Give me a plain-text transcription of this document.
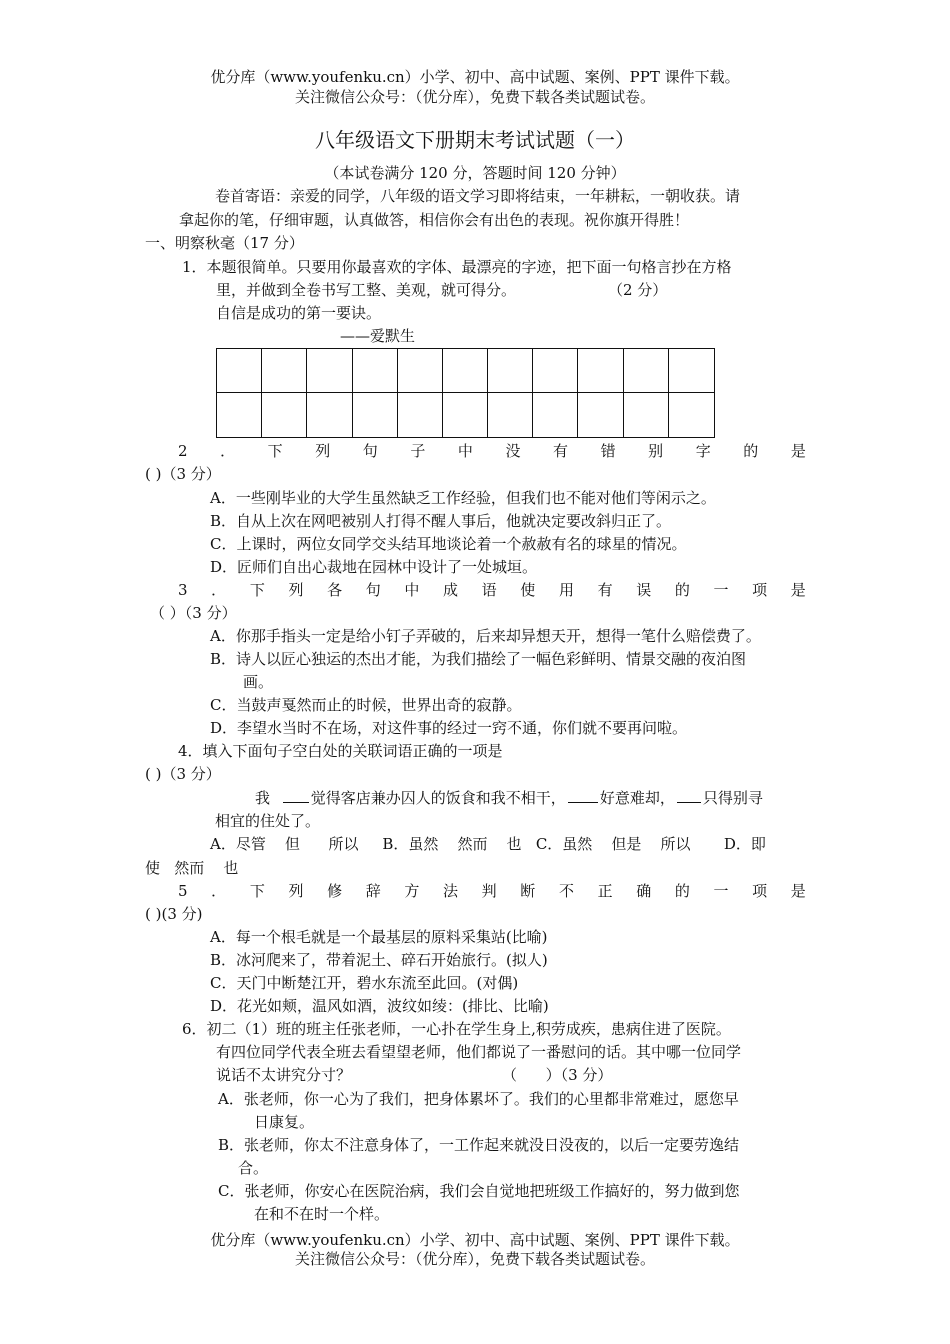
优分库（www.youfenku.cn）小学、初中、高中试题、案例、PPT 课件下载。
关注微信公众号：（优分库），免费下载各类试题试卷。
八年级语文下册期末考试试题（一）
（本试卷满分 120 分，答题时间 120 分钟）
卷首寄语：亲爱的同学，八年级的语文学习即将结束，一年耕耘，一朝收获。请
拿起你的笔，仔细审题，认真做答，相信你会有出色的表现。祝你旗开得胜！
一、明察秋毫（17 分）
1．本题很简单。只要用你最喜欢的字体、最漂亮的字迹，把下面一句格言抄在方格
里，并做到全卷书写工整、美观，就可得分。	（2 分）
自信是成功的第一要诀。
——爱默生
2 ． 下 列 句 子 中 没 有 错 别 字 的 是
( )（3 分）
A．一些刚毕业的大学生虽然缺乏工作经验，但我们也不能对他们等闲示之。
B．自从上次在网吧被别人打得不醒人事后，他就决定要改斜归正了。
C．上课时，两位女同学交头结耳地谈论着一个赦赦有名的球星的情况。
D．匠师们自出心裁地在园林中设计了一处城垣。
3 ． 下 列 各 句 中 成 语 使 用 有 误 的 一 项 是
（ ）（3 分）
A．你那手指头一定是给小钉子弄破的，后来却异想天开，想得一笔什么赔偿费了。
B．诗人以匠心独运的杰出才能，为我们描绘了一幅色彩鲜明、情景交融的夜泊图
画。
C．当鼓声戛然而止的时候，世界出奇的寂静。
D．李望水当时不在场，对这件事的经过一窍不通，你们就不要再问啦。
4．填入下面句子空白处的关联词语正确的一项是
( )（3 分）
我	觉得客店兼办囚人的饭食和我不相干， 好意难却， 只得别寻
相宜的住处了。
A．尽管    但      所以     B．虽然    然而    也   C．虽然    但是    所以       D．即
使   然而    也
5 ． 下 列 修 辞 方 法 判 断 不 正 确 的 一 项 是
( )(3 分)
A．每一个根毛就是一个最基层的原料采集站(比喻)
B．冰河爬来了，带着泥土、碎石开始旅行。(拟人)
C．天门中断楚江开，碧水东流至此回。(对偶)
D．花光如颊，温风如酒，波纹如绫：(排比、比喻)
6．初二（1）班的班主任张老师，一心扑在学生身上,积劳成疾，患病住进了医院。
有四位同学代表全班去看望望老师，他们都说了一番慰问的话。其中哪一位同学
说话不太讲究分寸？	（      ）（3 分）
A．张老师，你一心为了我们，把身体累坏了。我们的心里都非常难过，愿您早
日康复。
B．张老师，你太不注意身体了，一工作起来就没日没夜的，以后一定要劳逸结
合。
C．张老师，你安心在医院治病，我们会自觉地把班级工作搞好的，努力做到您
在和不在时一个样。
优分库（www.youfenku.cn）小学、初中、高中试题、案例、PPT 课件下载。
关注微信公众号：（优分库），免费下载各类试题试卷。
